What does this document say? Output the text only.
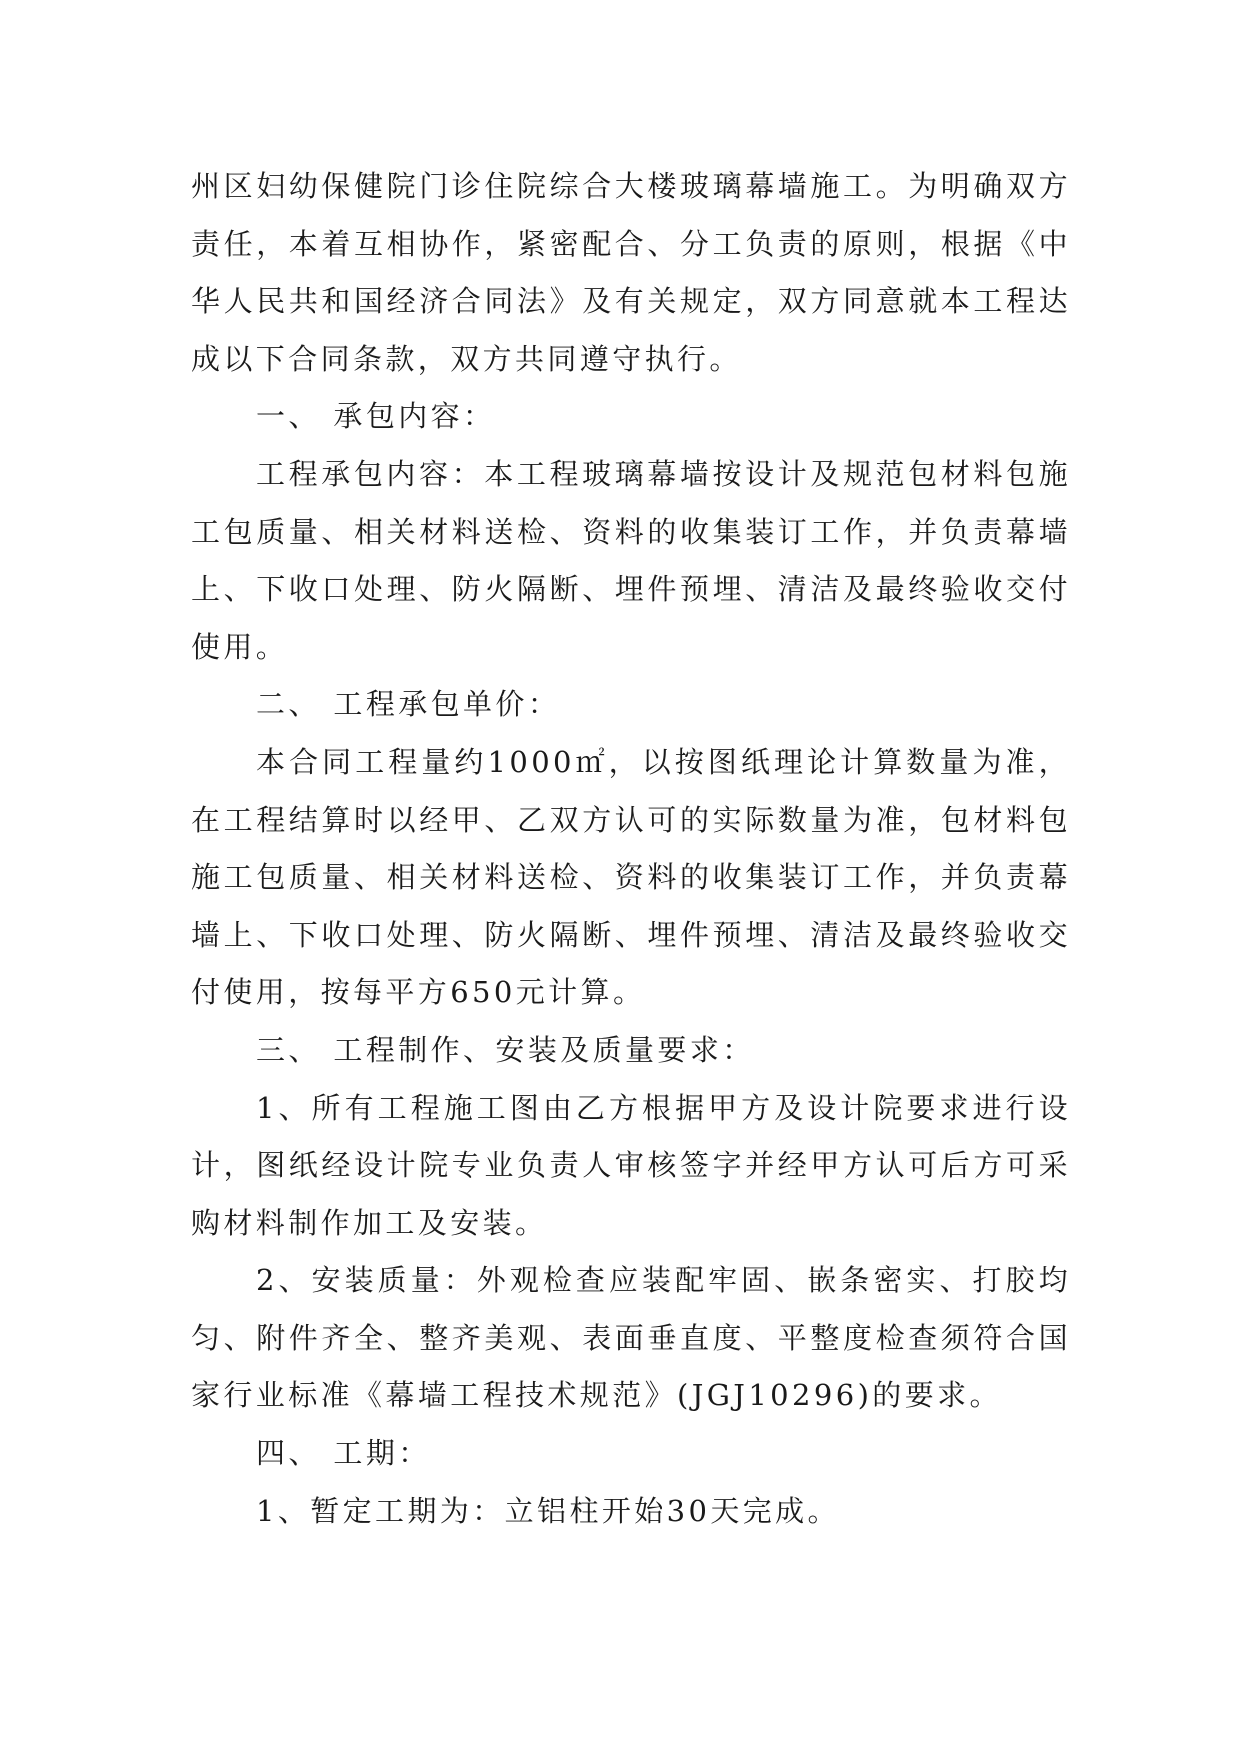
州区妇幼保健院门诊住院综合大楼玻璃幕墙施工。为明确双方责任，本着互相协作，紧密配合、分工负责的原则，根据《中华人民共和国经济合同法》及有关规定，双方同意就本工程达成以下合同条款，双方共同遵守执行。

一、 承包内容：

工程承包内容：本工程玻璃幕墙按设计及规范包材料包施工包质量、相关材料送检、资料的收集装订工作，并负责幕墙上、下收口处理、防火隔断、埋件预埋、清洁及最终验收交付使用。

二、 工程承包单价：

本合同工程量约1000㎡，以按图纸理论计算数量为准，在工程结算时以经甲、乙双方认可的实际数量为准，包材料包施工包质量、相关材料送检、资料的收集装订工作，并负责幕墙上、下收口处理、防火隔断、埋件预埋、清洁及最终验收交付使用，按每平方650元计算。

三、 工程制作、安装及质量要求：

1、所有工程施工图由乙方根据甲方及设计院要求进行设计，图纸经设计院专业负责人审核签字并经甲方认可后方可采购材料制作加工及安装。

2、安装质量：外观检查应装配牢固、嵌条密实、打胶均匀、附件齐全、整齐美观、表面垂直度、平整度检查须符合国家行业标准《幕墙工程技术规范》(JGJ10296)的要求。

四、 工期：

1、暂定工期为：立铝柱开始30天完成。
